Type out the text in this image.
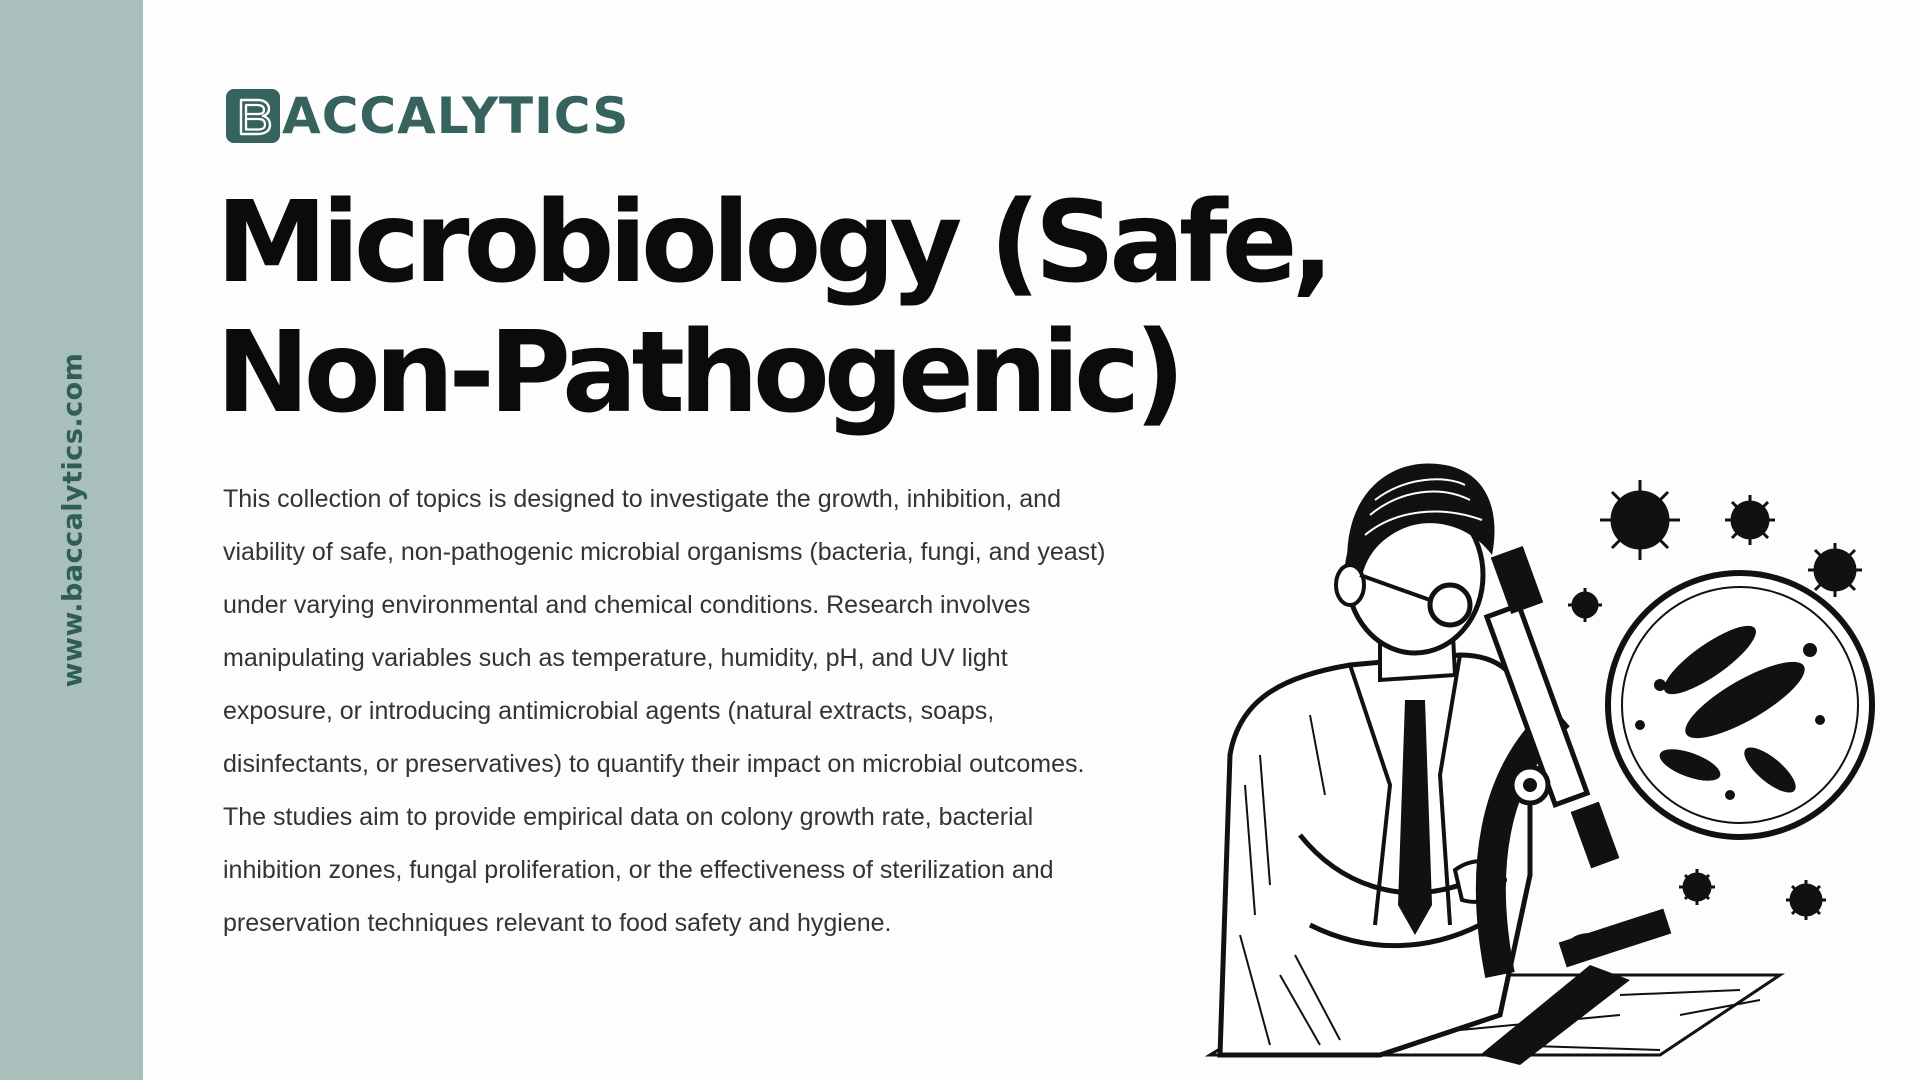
www.baccalytics.com
ACCALYTICS
Microbiology (Safe, Non-Pathogenic)

This collection of topics is designed to investigate the growth, inhibition, and viability of safe, non-pathogenic microbial organisms (bacteria, fungi, and yeast) under varying environmental and chemical conditions. Research involves manipulating variables such as temperature, humidity, pH, and UV light exposure, or introducing antimicrobial agents (natural extracts, soaps, disinfectants, or preservatives) to quantify their impact on microbial outcomes. The studies aim to provide empirical data on colony growth rate, bacterial inhibition zones, fungal proliferation, or the effectiveness of sterilization and preservation techniques relevant to food safety and hygiene.
